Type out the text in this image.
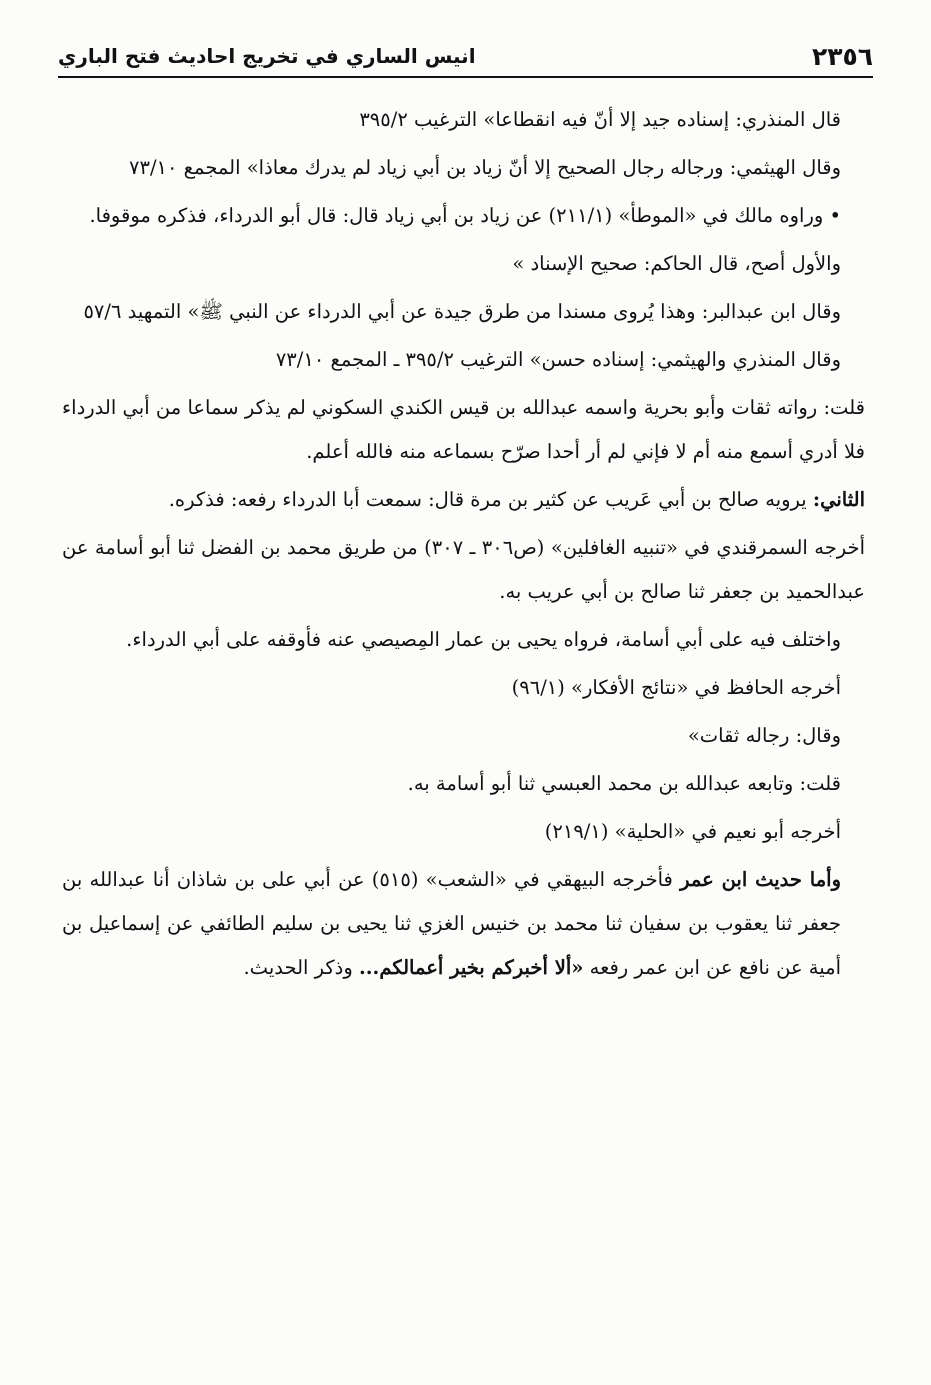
٢٣٥٦
انيس الساري في تخريج احاديث فتح الباري

قال المنذري: إسناده جيد إلا أنّ فيه انقطاعا» الترغيب ٣٩٥/٢

وقال الهيثمي: ورجاله رجال الصحيح إلا أنّ زياد بن أبي زياد لم يدرك معاذا» المجمع ٧٣/١٠

• وراوه مالك في «الموطأ» (٢١١/١) عن زياد بن أبي زياد قال: قال أبو الدرداء، فذكره موقوفا.

والأول أصح، قال الحاكم: صحيح الإسناد »

وقال ابن عبدالبر: وهذا يُروى مسندا من طرق جيدة عن أبي الدرداء عن النبي ﷺ» التمهيد ٥٧/٦

وقال المنذري والهيثمي: إسناده حسن» الترغيب ٣٩٥/٢ ـ المجمع ٧٣/١٠

قلت: رواته ثقات وأبو بحرية واسمه عبدالله بن قيس الكندي السكوني لم يذكر سماعا من أبي الدرداء فلا أدري أسمع منه أم لا فإني لم أر أحدا صرّح بسماعه منه فالله أعلم.

الثاني: يرويه صالح بن أبي عَريب عن كثير بن مرة قال: سمعت أبا الدرداء رفعه: فذكره.

أخرجه السمرقندي في «تنبيه الغافلين» (ص٣٠٦ ـ ٣٠٧) من طريق محمد بن الفضل ثنا أبو أسامة عن عبدالحميد بن جعفر ثنا صالح بن أبي عريب به.

واختلف فيه على أبي أسامة، فرواه يحيى بن عمار المِصيصي عنه فأوقفه على أبي الدرداء.

أخرجه الحافظ في «نتائج الأفكار» (٩٦/١)

وقال: رجاله ثقات»

قلت: وتابعه عبدالله بن محمد العبسي ثنا أبو أسامة به.

أخرجه أبو نعيم في «الحلية» (٢١٩/١)

وأما حديث ابن عمر فأخرجه البيهقي في «الشعب» (٥١٥) عن أبي على بن شاذان أنا عبدالله بن جعفر ثنا يعقوب بن سفيان ثنا محمد بن خنيس الغزي ثنا يحيى بن سليم الطائفي عن إسماعيل بن أمية عن نافع عن ابن عمر رفعه «ألا أخبركم بخير أعمالكم... وذكر الحديث.
